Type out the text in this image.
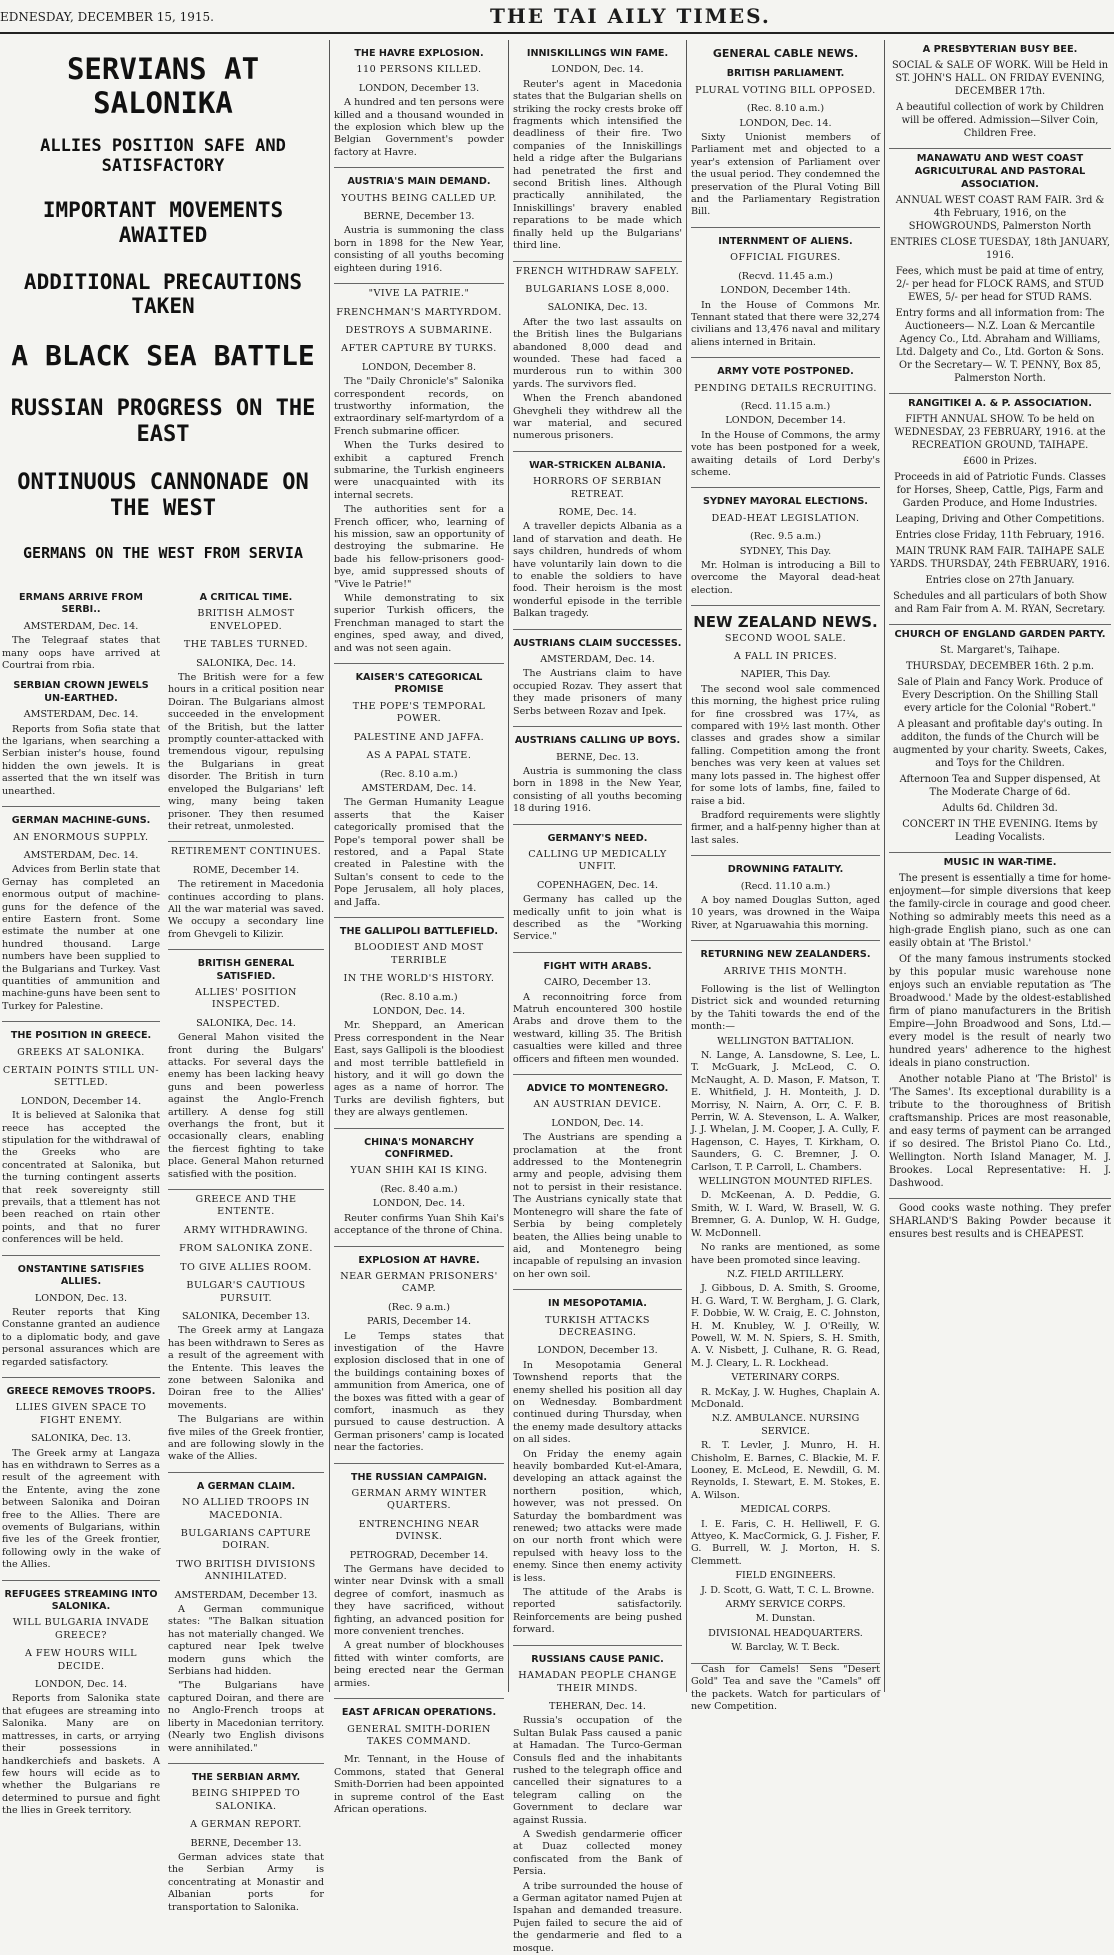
EDNESDAY, DECEMBER 15, 1915.	THE TAI AILY TIMES.
SERVIANS AT SALONIKA
ALLIES POSITION SAFE AND SATISFACTORY
IMPORTANT MOVEMENTS AWAITED
ADDITIONAL PRECAUTIONS TAKEN
A BLACK SEA BATTLE
RUSSIAN PROGRESS ON THE EAST
ONTINUOUS CANNONADE ON THE WEST
GERMANS ON THE WEST FROM SERVIA
ERMANS ARRIVE FROM SERBI..
AMSTERDAM, Dec. 14.
The Telegraaf states that many oops have arrived at Courtrai from rbia.
SERBIAN CROWN JEWELS UN-EARTHED.
AMSTERDAM, Dec. 14.
Reports from Sofia state that the lgarians, when searching a Serbian inister's house, found hidden the own jewels. It is asserted that the wn itself was unearthed.
GERMAN MACHINE-GUNS.
AN ENORMOUS SUPPLY.
AMSTERDAM, Dec. 14.
Advices from Berlin state that Gernay has completed an enormous output of machine-guns for the defence of the entire Eastern front. Some estimate the number at one hundred thousand. Large numbers have been supplied to the Bulgarians and Turkey. Vast quantities of ammunition and machine-guns have been sent to Turkey for Palestine.
THE POSITION IN GREECE.
GREEKS AT SALONIKA.
CERTAIN POINTS STILL UN-SETTLED.
LONDON, December 14.
It is believed at Salonika that reece has accepted the stipulation for the withdrawal of the Greeks who are concentrated at Salonika, but the turning contingent asserts that reek sovereignty still prevails, that a ttlement has not been reached on rtain other points, and that no furer conferences will be held.
ONSTANTINE SATISFIES ALLIES.
LONDON, Dec. 13.
Reuter reports that King Constanne granted an audience to a diplomatic body, and gave personal assurances which are regarded satisfactory.
GREECE REMOVES TROOPS.
LLIES GIVEN SPACE TO FIGHT ENEMY.
SALONIKA, Dec. 13.
The Greek army at Langaza has en withdrawn to Serres as a result of the agreement with the Entente, aving the zone between Salonika and Doiran free to the Allies. There are ovements of Bulgarians, within five les of the Greek frontier, following owly in the wake of the Allies.
REFUGEES STREAMING INTO SALONIKA.
WILL BULGARIA INVADE GREECE?
A FEW HOURS WILL DECIDE.
LONDON, Dec. 14.
Reports from Salonika state that efugees are streaming into Salonika. Many are on mattresses, in carts, or arrying their possessions in handkerchiefs and baskets. A few hours will ecide as to whether the Bulgarians re determined to pursue and fight the llies in Greek territory.
A CRITICAL TIME.
BRITISH ALMOST ENVELOPED.
THE TABLES TURNED.
SALONIKA, Dec. 14.
The British were for a few hours in a critical position near Doiran. The Bulgarians almost succeeded in the envelopment of the British, but the latter promptly counter-attacked with tremendous vigour, repulsing the Bulgarians in great disorder. The British in turn enveloped the Bulgarians' left wing, many being taken prisoner. They then resumed their retreat, unmolested.
RETIREMENT CONTINUES.
ROME, December 14.
The retirement in Macedonia continues according to plans. All the war material was saved. We occupy a secondary line from Ghevgeli to Kilizir.
BRITISH GENERAL SATISFIED.
ALLIES' POSITION INSPECTED.
SALONIKA, Dec. 14.
General Mahon visited the front during the Bulgars' attacks. For several days the enemy has been lacking heavy guns and been powerless against the Anglo-French artillery. A dense fog still overhangs the front, but it occasionally clears, enabling the fiercest fighting to take place. General Mahon returned satisfied with the position.
GREECE AND THE ENTENTE.
ARMY WITHDRAWING.
FROM SALONIKA ZONE.
TO GIVE ALLIES ROOM.
BULGAR'S CAUTIOUS PURSUIT.
SALONIKA, December 13.
The Greek army at Langaza has been withdrawn to Seres as a result of the agreement with the Entente. This leaves the zone between Salonika and Doiran free to the Allies' movements.
The Bulgarians are within five miles of the Greek frontier, and are following slowly in the wake of the Allies.
A GERMAN CLAIM.
NO ALLIED TROOPS IN MACEDONIA.
BULGARIANS CAPTURE DOIRAN.
TWO BRITISH DIVISIONS ANNIHILATED.
AMSTERDAM, December 13.
A German communique states: "The Balkan situation has not materially changed. We captured near Ipek twelve modern guns which the Serbians had hidden.
"The Bulgarians have captured Doiran, and there are no Anglo-French troops at liberty in Macedonian territory. (Nearly two English divisons were annihilated."
THE SERBIAN ARMY.
BEING SHIPPED TO SALONIKA.
A GERMAN REPORT.
BERNE, December 13.
German advices state that the Serbian Army is concentrating at Monastir and Albanian ports for transportation to Salonika.
THE HAVRE EXPLOSION.
110 PERSONS KILLED.
LONDON, December 13.
A hundred and ten persons were killed and a thousand wounded in the explosion which blew up the Belgian Government's powder factory at Havre.
AUSTRIA'S MAIN DEMAND.
YOUTHS BEING CALLED UP.
BERNE, December 13.
Austria is summoning the class born in 1898 for the New Year, consisting of all youths becoming eighteen during 1916.
"VIVE LA PATRIE."
FRENCHMAN'S MARTYRDOM.
DESTROYS A SUBMARINE.
AFTER CAPTURE BY TURKS.
LONDON, December 8.
The "Daily Chronicle's" Salonika correspondent records, on trustworthy information, the extraordinary self-martyrdom of a French submarine officer.
When the Turks desired to exhibit a captured French submarine, the Turkish engineers were unacquainted with its internal secrets.
The authorities sent for a French officer, who, learning of his mission, saw an opportunity of destroying the submarine. He bade his fellow-prisoners good-bye, amid suppressed shouts of "Vive le Patrie!"
While demonstrating to six superior Turkish officers, the Frenchman managed to start the engines, sped away, and dived, and was not seen again.
KAISER'S CATEGORICAL PROMISE
THE POPE'S TEMPORAL POWER.
PALESTINE AND JAFFA.
AS A PAPAL STATE.
(Rec. 8.10 a.m.)
AMSTERDAM, Dec. 14.
The German Humanity League asserts that the Kaiser categorically promised that the Pope's temporal power shall be restored, and a Papal State created in Palestine with the Sultan's consent to cede to the Pope Jerusalem, all holy places, and Jaffa.
THE GALLIPOLI BATTLEFIELD.
BLOODIEST AND MOST TERRIBLE
IN THE WORLD'S HISTORY.
(Rec. 8.10 a.m.)
LONDON, Dec. 14.
Mr. Sheppard, an American Press correspondent in the Near East, says Gallipoli is the bloodiest and most terrible battlefield in history, and it will go down the ages as a name of horror. The Turks are devilish fighters, but they are always gentlemen.
CHINA'S MONARCHY CONFIRMED.
YUAN SHIH KAI IS KING.
(Rec. 8.40 a.m.)
LONDON, Dec. 14.
Reuter confirms Yuan Shih Kai's acceptance of the throne of China.
EXPLOSION AT HAVRE.
NEAR GERMAN PRISONERS' CAMP.
(Rec. 9 a.m.)
PARIS, December 14.
Le Temps states that investigation of the Havre explosion disclosed that in one of the buildings containing boxes of ammunition from America, one of the boxes was fitted with a gear of comfort, inasmuch as they pursued to cause destruction. A German prisoners' camp is located near the factories.
THE RUSSIAN CAMPAIGN.
GERMAN ARMY WINTER QUARTERS.
ENTRENCHING NEAR DVINSK.
PETROGRAD, December 14.
The Germans have decided to winter near Dvinsk with a small degree of comfort, inasmuch as they have sacrificed, without fighting, an advanced position for more convenient trenches.
A great number of blockhouses fitted with winter comforts, are being erected near the German armies.
EAST AFRICAN OPERATIONS.
GENERAL SMITH-DORIEN TAKES COMMAND.
Mr. Tennant, in the House of Commons, stated that General Smith-Dorrien had been appointed in supreme control of the East African operations.
INNISKILLINGS WIN FAME.
LONDON, Dec. 14.
Reuter's agent in Macedonia states that the Bulgarian shells on striking the rocky crests broke off fragments which intensified the deadliness of their fire. Two companies of the Inniskillings held a ridge after the Bulgarians had penetrated the first and second British lines. Although practically annihilated, the Inniskillings' bravery enabled reparations to be made which finally held up the Bulgarians' third line.
FRENCH WITHDRAW SAFELY.
BULGARIANS LOSE 8,000.
SALONIKA, Dec. 13.
After the two last assaults on the British lines the Bulgarians abandoned 8,000 dead and wounded. These had faced a murderous run to within 300 yards. The survivors fled.
When the French abandoned Ghevgheli they withdrew all the war material, and secured numerous prisoners.
WAR-STRICKEN ALBANIA.
HORRORS OF SERBIAN RETREAT.
ROME, Dec. 14.
A traveller depicts Albania as a land of starvation and death. He says children, hundreds of whom have voluntarily lain down to die to enable the soldiers to have food. Their heroism is the most wonderful episode in the terrible Balkan tragedy.
AUSTRIANS CLAIM SUCCESSES.
AMSTERDAM, Dec. 14.
The Austrians claim to have occupied Rozav. They assert that they made prisoners of many Serbs between Rozav and Ipek.
AUSTRIANS CALLING UP BOYS.
BERNE, Dec. 13.
Austria is summoning the class born in 1898 in the New Year, consisting of all youths becoming 18 during 1916.
GERMANY'S NEED.
CALLING UP MEDICALLY UNFIT.
COPENHAGEN, Dec. 14.
Germany has called up the medically unfit to join what is described as the "Working Service."
FIGHT WITH ARABS.
CAIRO, December 13.
A reconnoitring force from Matruh encountered 300 hostile Arabs and drove them to the westward, killing 35. The British casualties were killed and three officers and fifteen men wounded.
ADVICE TO MONTENEGRO.
AN AUSTRIAN DEVICE.
LONDON, Dec. 14.
The Austrians are spending a proclamation at the front addressed to the Montenegrin army and people, advising them not to persist in their resistance. The Austrians cynically state that Montenegro will share the fate of Serbia by being completely beaten, the Allies being unable to aid, and Montenegro being incapable of repulsing an invasion on her own soil.
IN MESOPOTAMIA.
TURKISH ATTACKS DECREASING.
LONDON, December 13.
In Mesopotamia General Townshend reports that the enemy shelled his position all day on Wednesday. Bombardment continued during Thursday, when the enemy made desultory attacks on all sides.
On Friday the enemy again heavily bombarded Kut-el-Amara, developing an attack against the northern position, which, however, was not pressed. On Saturday the bombardment was renewed; two attacks were made on our north front which were repulsed with heavy loss to the enemy. Since then enemy activity is less.
The attitude of the Arabs is reported satisfactorily. Reinforcements are being pushed forward.
RUSSIANS CAUSE PANIC.
HAMADAN PEOPLE CHANGE THEIR MINDS.
TEHERAN, Dec. 14.
Russia's occupation of the Sultan Bulak Pass caused a panic at Hamadan. The Turco-German Consuls fled and the inhabitants rushed to the telegraph office and cancelled their signatures to a telegram calling on the Government to declare war against Russia.
A Swedish gendarmerie officer at Duaz collected money confiscated from the Bank of Persia.
A tribe surrounded the house of a German agitator named Pujen at Ispahan and demanded treasure. Pujen failed to secure the aid of the gendarmerie and fled to a mosque.
GENERAL CABLE NEWS.
BRITISH PARLIAMENT.
PLURAL VOTING BILL OPPOSED.
(Rec. 8.10 a.m.)
LONDON, Dec. 14.
Sixty Unionist members of Parliament met and objected to a year's extension of Parliament over the usual period. They condemned the preservation of the Plural Voting Bill and the Parliamentary Registration Bill.
INTERNMENT OF ALIENS.
OFFICIAL FIGURES.
(Recvd. 11.45 a.m.)
LONDON, December 14th.
In the House of Commons Mr. Tennant stated that there were 32,274 civilians and 13,476 naval and military aliens interned in Britain.
ARMY VOTE POSTPONED.
PENDING DETAILS RECRUITING.
(Recd. 11.15 a.m.)
LONDON, December 14.
In the House of Commons, the army vote has been postponed for a week, awaiting details of Lord Derby's scheme.
SYDNEY MAYORAL ELECTIONS.
DEAD-HEAT LEGISLATION.
(Rec. 9.5 a.m.)
SYDNEY, This Day.
Mr. Holman is introducing a Bill to overcome the Mayoral dead-heat election.
NEW ZEALAND NEWS.
SECOND WOOL SALE.
A FALL IN PRICES.
NAPIER, This Day.
The second wool sale commenced this morning, the highest price ruling for fine crossbred was 17¼, as compared with 19½ last month. Other classes and grades show a similar falling. Competition among the front benches was very keen at values set many lots passed in. The highest offer for some lots of lambs, fine, failed to raise a bid.
Bradford requirements were slightly firmer, and a half-penny higher than at last sales.
DROWNING FATALITY.
(Recd. 11.10 a.m.)
A boy named Douglas Sutton, aged 10 years, was drowned in the Waipa River, at Ngaruawahia this morning.
RETURNING NEW ZEALANDERS.
ARRIVE THIS MONTH.
Following is the list of Wellington District sick and wounded returning by the Tahiti towards the end of the month:—
WELLINGTON BATTALION.
N. Lange, A. Lansdowne, S. Lee, L. T. McGuark, J. McLeod, C. O. McNaught, A. D. Mason, F. Matson, T. E. Whitfield, J. H. Monteith, J. D. Morrisy, N. Nairn, A. Orr, C. F. B. Perrin, W. A. Stevenson, L. A. Walker, J. J. Whelan, J. M. Cooper, J. A. Cully, F. Hagenson, C. Hayes, T. Kirkham, O. Saunders, G. C. Bremner, J. O. Carlson, T. P. Carroll, L. Chambers.
WELLINGTON MOUNTED RIFLES.
D. McKeenan, A. D. Peddie, G. Smith, W. I. Ward, W. Brasell, W. G. Bremner, G. A. Dunlop, W. H. Gudge, W. McDonnell.
No ranks are mentioned, as some have been promoted since leaving.
N.Z. FIELD ARTILLERY.
J. Gibbous, D. A. Smith, S. Groome, H. G. Ward, T. W. Bergham, J. G. Clark, F. Dobbie, W. W. Craig, E. C. Johnston, H. M. Knubley, W. J. O'Reilly, W. Powell, W. M. N. Spiers, S. H. Smith, A. V. Nisbett, J. Culhane, R. G. Read, M. J. Cleary, L. R. Lockhead.
VETERINARY CORPS.
R. McKay, J. W. Hughes, Chaplain A. McDonald.
N.Z. AMBULANCE. NURSING SERVICE.
R. T. Levler, J. Munro, H. H. Chisholm, E. Barnes, C. Blackie, M. F. Looney, E. McLeod, E. Newdill, G. M. Reynolds, I. Stewart, E. M. Stokes, E. A. Wilson.
MEDICAL CORPS.
I. E. Faris, C. H. Helliwell, F. G. Attyeo, K. MacCormick, G. J. Fisher, F. G. Burrell, W. J. Morton, H. S. Clemmett.
FIELD ENGINEERS.
J. D. Scott, G. Watt, T. C. L. Browne.
ARMY SERVICE CORPS.
M. Dunstan.
DIVISIONAL HEADQUARTERS.
W. Barclay, W. T. Beck.
Cash for Camels! Sens "Desert Gold" Tea and save the "Camels" off the packets. Watch for particulars of new Competition.

A PRESBYTERIAN BUSY BEE.

SOCIAL & SALE OF WORK. Will be Held in ST. JOHN'S HALL. ON FRIDAY EVENING, DECEMBER 17th.

A beautiful collection of work by Children will be offered. Admission—Silver Coin, Children Free.

MANAWATU AND WEST COAST AGRICULTURAL AND PASTORAL ASSOCIATION.

ANNUAL WEST COAST RAM FAIR. 3rd & 4th February, 1916, on the SHOWGROUNDS, Palmerston North

ENTRIES CLOSE TUESDAY, 18th JANUARY, 1916.

Fees, which must be paid at time of entry, 2/- per head for FLOCK RAMS, and STUD EWES, 5/- per head for STUD RAMS.

Entry forms and all information from: The Auctioneers— N.Z. Loan & Mercantile Agency Co., Ltd. Abraham and Williams, Ltd. Dalgety and Co., Ltd. Gorton & Sons. Or the Secretary— W. T. PENNY, Box 85, Palmerston North.

RANGITIKEI A. & P. ASSOCIATION.

FIFTH ANNUAL SHOW. To be held on WEDNESDAY, 23 FEBRUARY, 1916. at the RECREATION GROUND, TAIHAPE.

£600 in Prizes.

Proceeds in aid of Patriotic Funds. Classes for Horses, Sheep, Cattle, Pigs, Farm and Garden Produce, and Home Industries.

Leaping, Driving and Other Competitions.

Entries close Friday, 11th February, 1916.

MAIN TRUNK RAM FAIR. TAIHAPE SALE YARDS. THURSDAY, 24th FEBRUARY, 1916.

Entries close on 27th January.

Schedules and all particulars of both Show and Ram Fair from A. M. RYAN, Secretary.

CHURCH OF ENGLAND GARDEN PARTY.

St. Margaret's, Taihape.

THURSDAY, DECEMBER 16th. 2 p.m.

Sale of Plain and Fancy Work. Produce of Every Description. On the Shilling Stall every article for the Colonial "Robert."

A pleasant and profitable day's outing. In additon, the funds of the Church will be augmented by your charity. Sweets, Cakes, and Toys for the Children.

Afternoon Tea and Supper dispensed, At The Moderate Charge of 6d.

Adults 6d. Children 3d.

CONCERT IN THE EVENING. Items by Leading Vocalists.

MUSIC IN WAR-TIME.

The present is essentially a time for home-enjoyment—for simple diversions that keep the family-circle in courage and good cheer. Nothing so admirably meets this need as a high-grade English piano, such as one can easily obtain at 'The Bristol.'

Of the many famous instruments stocked by this popular music warehouse none enjoys such an enviable reputation as 'The Broadwood.' Made by the oldest-established firm of piano manufacturers in the British Empire—John Broadwood and Sons, Ltd.—every model is the result of nearly two hundred years' adherence to the highest ideals in piano construction.

Another notable Piano at 'The Bristol' is 'The Sames'. Its exceptional durability is a tribute to the thoroughness of British craftsmanship. Prices are most reasonable, and easy terms of payment can be arranged if so desired. The Bristol Piano Co. Ltd., Wellington. North Island Manager, M. J. Brookes. Local Representative: H. J. Dashwood.

Good cooks waste nothing. They prefer SHARLAND'S Baking Powder because it ensures best results and is CHEAPEST.
